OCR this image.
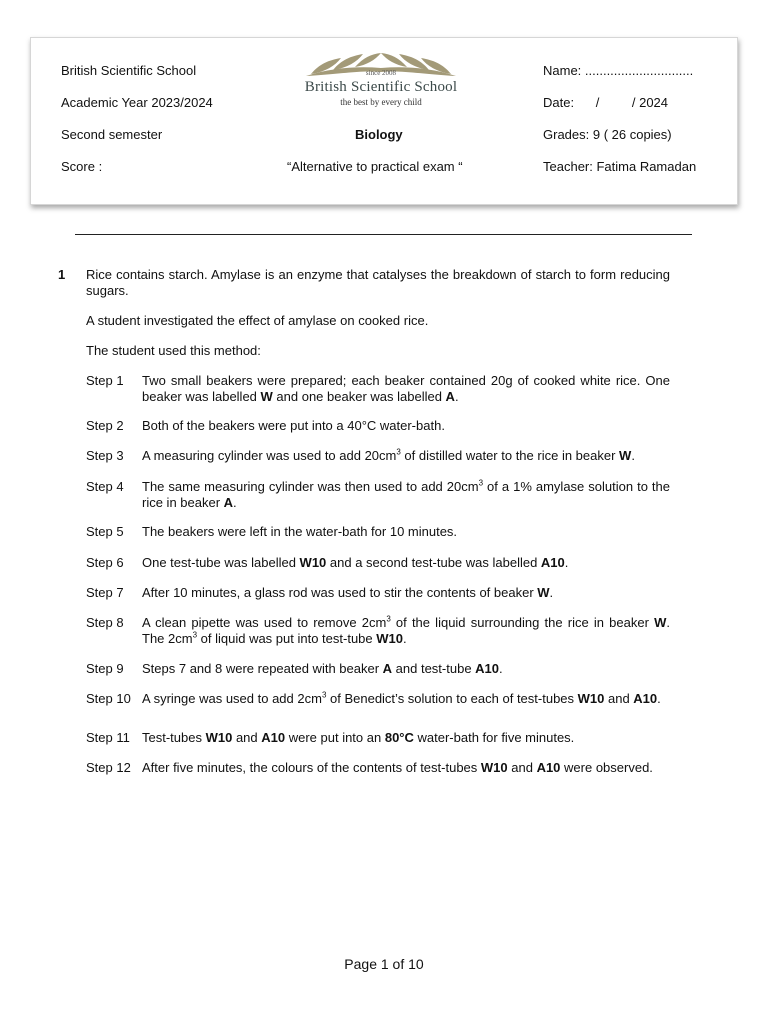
British Scientific School
Academic Year 2023/2024
Second semester
Score :
since 2008
British Scientific School
the best by every child
Biology
“Alternative to practical exam “
Name: ..............................
Date:      /         / 2024
Grades: 9 ( 26 copies)
Teacher: Fatima Ramadan
1 Rice contains starch. Amylase is an enzyme that catalyses the breakdown of starch to form reducing sugars.
A student investigated the effect of amylase on cooked rice.
The student used this method:
Step 1 Two small beakers were prepared; each beaker contained 20g of cooked white rice. One beaker was labelled W and one beaker was labelled A.
Step 2 Both of the beakers were put into a 40°C water-bath.
Step 3 A measuring cylinder was used to add $20cm^3$ of distilled water to the rice in beaker W.
Step 4 The same measuring cylinder was then used to add $20cm^3$ of a 1% amylase solution to the rice in beaker A.
Step 5 The beakers were left in the water-bath for 10 minutes.
Step 6 One test-tube was labelled W10 and a second test-tube was labelled A10.
Step 7 After 10 minutes, a glass rod was used to stir the contents of beaker W.
Step 8 A clean pipette was used to remove $2cm^3$ of the liquid surrounding the rice in beaker W. The $2cm^3$ of liquid was put into test-tube W10.
Step 9 Steps 7 and 8 were repeated with beaker A and test-tube A10.
Step 10 A syringe was used to add $2cm^3$ of Benedict’s solution to each of test-tubes W10 and A10.
Step 11 Test-tubes W10 and A10 were put into an 80°C water-bath for five minutes.
Step 12 After five minutes, the colours of the contents of test-tubes W10 and A10 were observed.
Page 1 of 10
